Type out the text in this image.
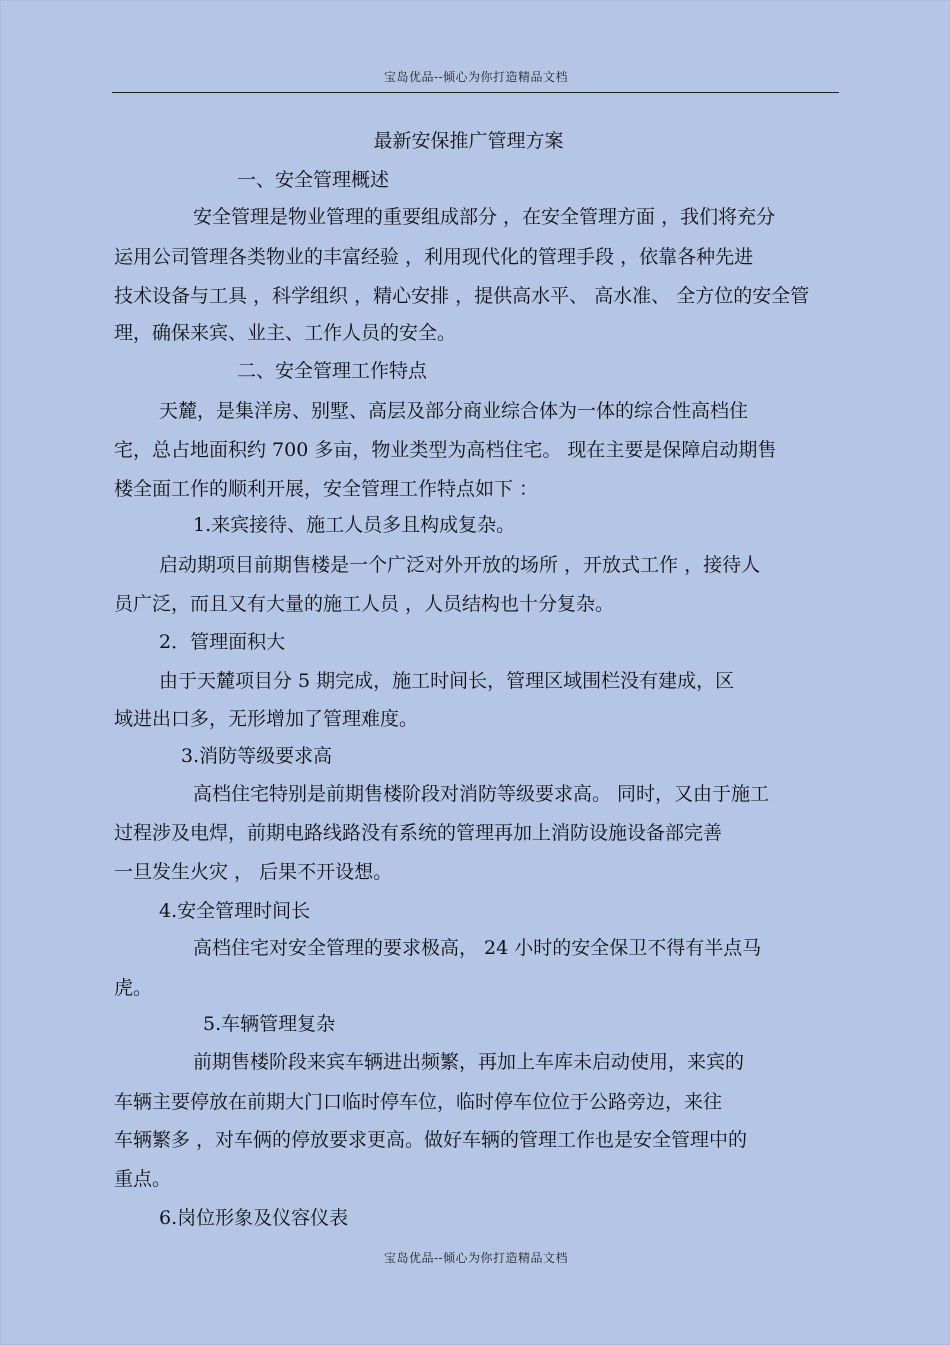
宝岛优品--倾心为你打造精品文档
最新安保推广管理方案
一、安全管理概述
安全管理是物业管理的重要组成部分 ，在安全管理方面 ，我们将充分
运用公司管理各类物业的丰富经验 ，利用现代化的管理手段 ，依靠各种先进
技术设备与工具 ，科学组织 ，精心安排 ，提供高水平、 高水准、 全方位的安全管
理，确保来宾、业主、工作人员的安全。
二、安全管理工作特点
天麓，是集洋房、别墅、高层及部分商业综合体为一体的综合性高档住
宅，总占地面积约 700 多亩，物业类型为高档住宅。 现在主要是保障启动期售
楼全面工作的顺利开展，安全管理工作特点如下 ：
1.来宾接待、施工人员多且构成复杂。
启动期项目前期售楼是一个广泛对外开放的场所 ，开放式工作 ，接待人
员广泛，而且又有大量的施工人员 ，人员结构也十分复杂。
2．管理面积大
由于天麓项目分 5 期完成，施工时间长，管理区域围栏没有建成，区
域进出口多，无形增加了管理难度。
3.消防等级要求高
高档住宅特别是前期售楼阶段对消防等级要求高。 同时，又由于施工
过程涉及电焊，前期电路线路没有系统的管理再加上消防设施设备部完善
一旦发生火灾 ， 后果不开设想。
4.安全管理时间长
高档住宅对安全管理的要求极高， 24 小时的安全保卫不得有半点马
虎。
5.车辆管理复杂
前期售楼阶段来宾车辆进出频繁，再加上车库未启动使用，来宾的
车辆主要停放在前期大门口临时停车位，临时停车位位于公路旁边，来往
车辆繁多 ，对车俩的停放要求更高。做好车辆的管理工作也是安全管理中的
重点。
6.岗位形象及仪容仪表
宝岛优品--倾心为你打造精品文档
